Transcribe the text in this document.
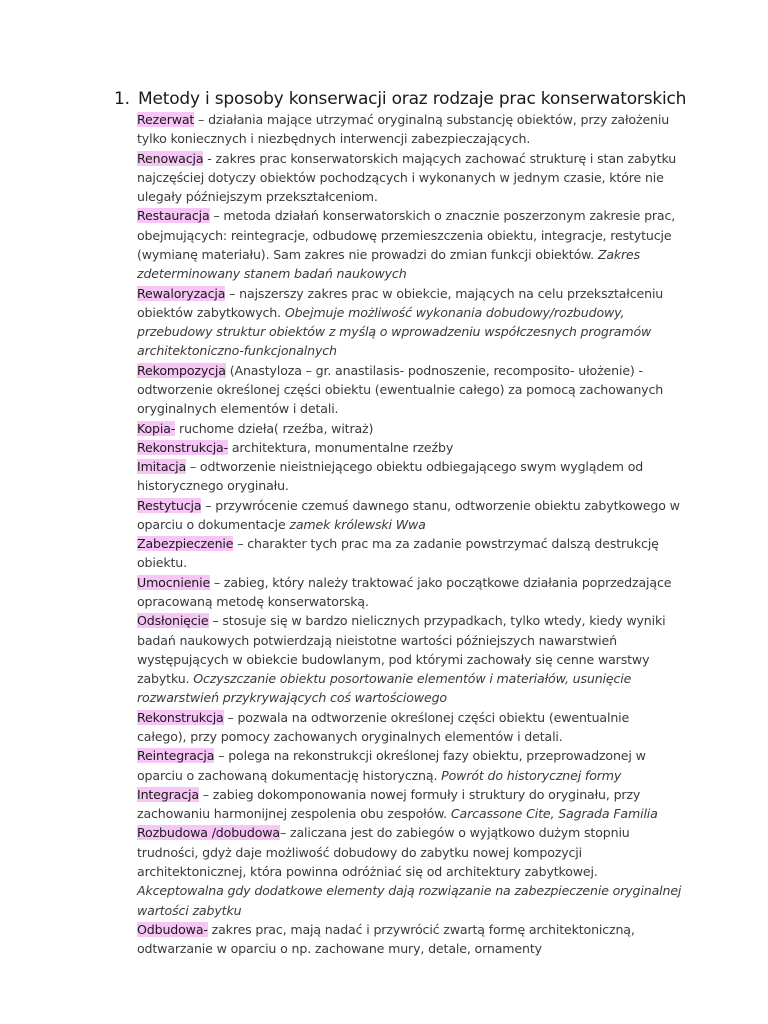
1. Metody i sposoby konserwacji oraz rodzaje prac konserwatorskich

Rezerwat – działania mające utrzymać oryginalną substancję obiektów, przy założeniu tylko koniecznych i niezbędnych interwencji zabezpieczających.

Renowacja - zakres prac konserwatorskich mających zachować strukturę i stan zabytku najczęściej dotyczy obiektów pochodzących i wykonanych w jednym czasie, które nie ulegały późniejszym przekształceniom.

Restauracja – metoda działań konserwatorskich o znacznie poszerzonym zakresie prac, obejmujących: reintegracje, odbudowę przemieszczenia obiektu, integracje, restytucje (wymianę materiału). Sam zakres nie prowadzi do zmian funkcji obiektów. Zakres zdeterminowany stanem badań naukowych

Rewaloryzacja – najszerszy zakres prac w obiekcie, mających na celu przekształceniu obiektów zabytkowych. Obejmuje możliwość wykonania dobudowy/rozbudowy, przebudowy struktur obiektów z myślą o wprowadzeniu współczesnych programów architektoniczno-funkcjonalnych

Rekompozycja (Anastyloza – gr. anastilasis- podnoszenie, recomposito- ułożenie) - odtworzenie określonej części obiektu (ewentualnie całego) za pomocą zachowanych oryginalnych elementów i detali.

Kopia- ruchome dzieła( rzeźba, witraż)

Rekonstrukcja- architektura, monumentalne rzeźby

Imitacja – odtworzenie nieistniejącego obiektu odbiegającego swym wyglądem od historycznego oryginału.

Restytucja – przywrócenie czemuś dawnego stanu, odtworzenie obiektu zabytkowego w oparciu o dokumentacje zamek królewski Wwa

Zabezpieczenie – charakter tych prac ma za zadanie powstrzymać dalszą destrukcję obiektu.

Umocnienie – zabieg, który należy traktować jako początkowe działania poprzedzające opracowaną metodę konserwatorską.

Odsłonięcie – stosuje się w bardzo nielicznych przypadkach, tylko wtedy, kiedy wyniki badań naukowych potwierdzają nieistotne wartości późniejszych nawarstwień występujących w obiekcie budowlanym, pod którymi zachowały się cenne warstwy zabytku. Oczyszczanie obiektu posortowanie elementów i materiałów, usunięcie rozwarstwień przykrywających coś wartościowego

Rekonstrukcja – pozwala na odtworzenie określonej części obiektu (ewentualnie całego), przy pomocy zachowanych oryginalnych elementów i detali.

Reintegracja – polega na rekonstrukcji określonej fazy obiektu, przeprowadzonej w oparciu o zachowaną dokumentację historyczną. Powrót do historycznej formy

Integracja – zabieg dokomponowania nowej formuły i struktury do oryginału, przy zachowaniu harmonijnej zespolenia obu zespołów. Carcassone Cite, Sagrada Familia

Rozbudowa /dobudowa– zaliczana jest do zabiegów o wyjątkowo dużym stopniu trudności, gdyż daje możliwość dobudowy do zabytku nowej kompozycji architektonicznej, która powinna odróżniać się od architektury zabytkowej. Akceptowalna gdy dodatkowe elementy dają rozwiązanie na zabezpieczenie oryginalnej wartości zabytku

Odbudowa- zakres prac, mają nadać i przywrócić zwartą formę architektoniczną, odtwarzanie w oparciu o np. zachowane mury, detale, ornamenty
